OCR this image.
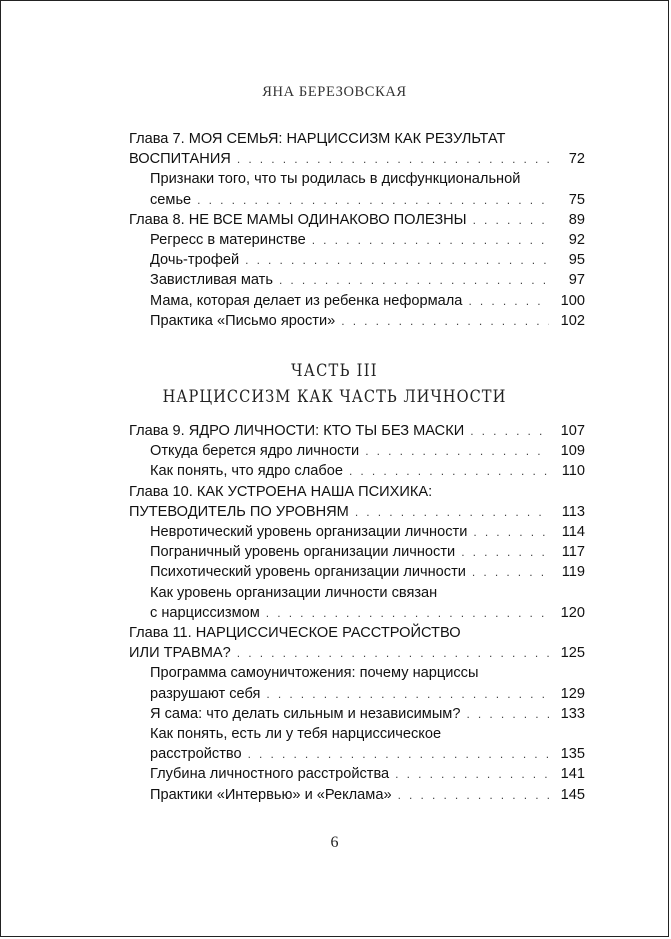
ЯНА БЕРЕЗОВСКАЯ
Глава 7. МОЯ СЕМЬЯ: НАРЦИССИЗМ КАК РЕЗУЛЬТАТ
ВОСПИТАНИЯ . . .	72
Признаки того, что ты родилась в дисфункциональной
семье . . .	75
Глава 8. НЕ ВСЕ МАМЫ ОДИНАКОВО ПОЛЕЗНЫ . . .	89
Регресс в материнстве . . .	92
Дочь-трофей . . .	95
Завистливая мать . . .	97
Мама, которая делает из ребенка неформала . . .	100
Практика «Письмо ярости» . . .	102
ЧАСТЬ III
НАРЦИССИЗМ КАК ЧАСТЬ ЛИЧНОСТИ
Глава 9. ЯДРО ЛИЧНОСТИ: КТО ТЫ БЕЗ МАСКИ . . .	107
Откуда берется ядро личности . . .	109
Как понять, что ядро слабое . . .	110
Глава 10. КАК УСТРОЕНА НАША ПСИХИКА:
ПУТЕВОДИТЕЛЬ ПО УРОВНЯМ . . .	113
Невротический уровень организации личности . . .	114
Пограничный уровень организации личности . . .	117
Психотический уровень организации личности . . .	119
Как уровень организации личности связан
с нарциссизмом . . .	120
Глава 11. НАРЦИССИЧЕСКОЕ РАССТРОЙСТВО
ИЛИ ТРАВМА? . . .	125
Программа самоуничтожения: почему нарциссы
разрушают себя . . .	129
Я сама: что делать сильным и независимым? . . .	133
Как понять, есть ли у тебя нарциссическое
расстройство . . .	135
Глубина личностного расстройства . . .	141
Практики «Интервью» и «Реклама» . . .	145
6
